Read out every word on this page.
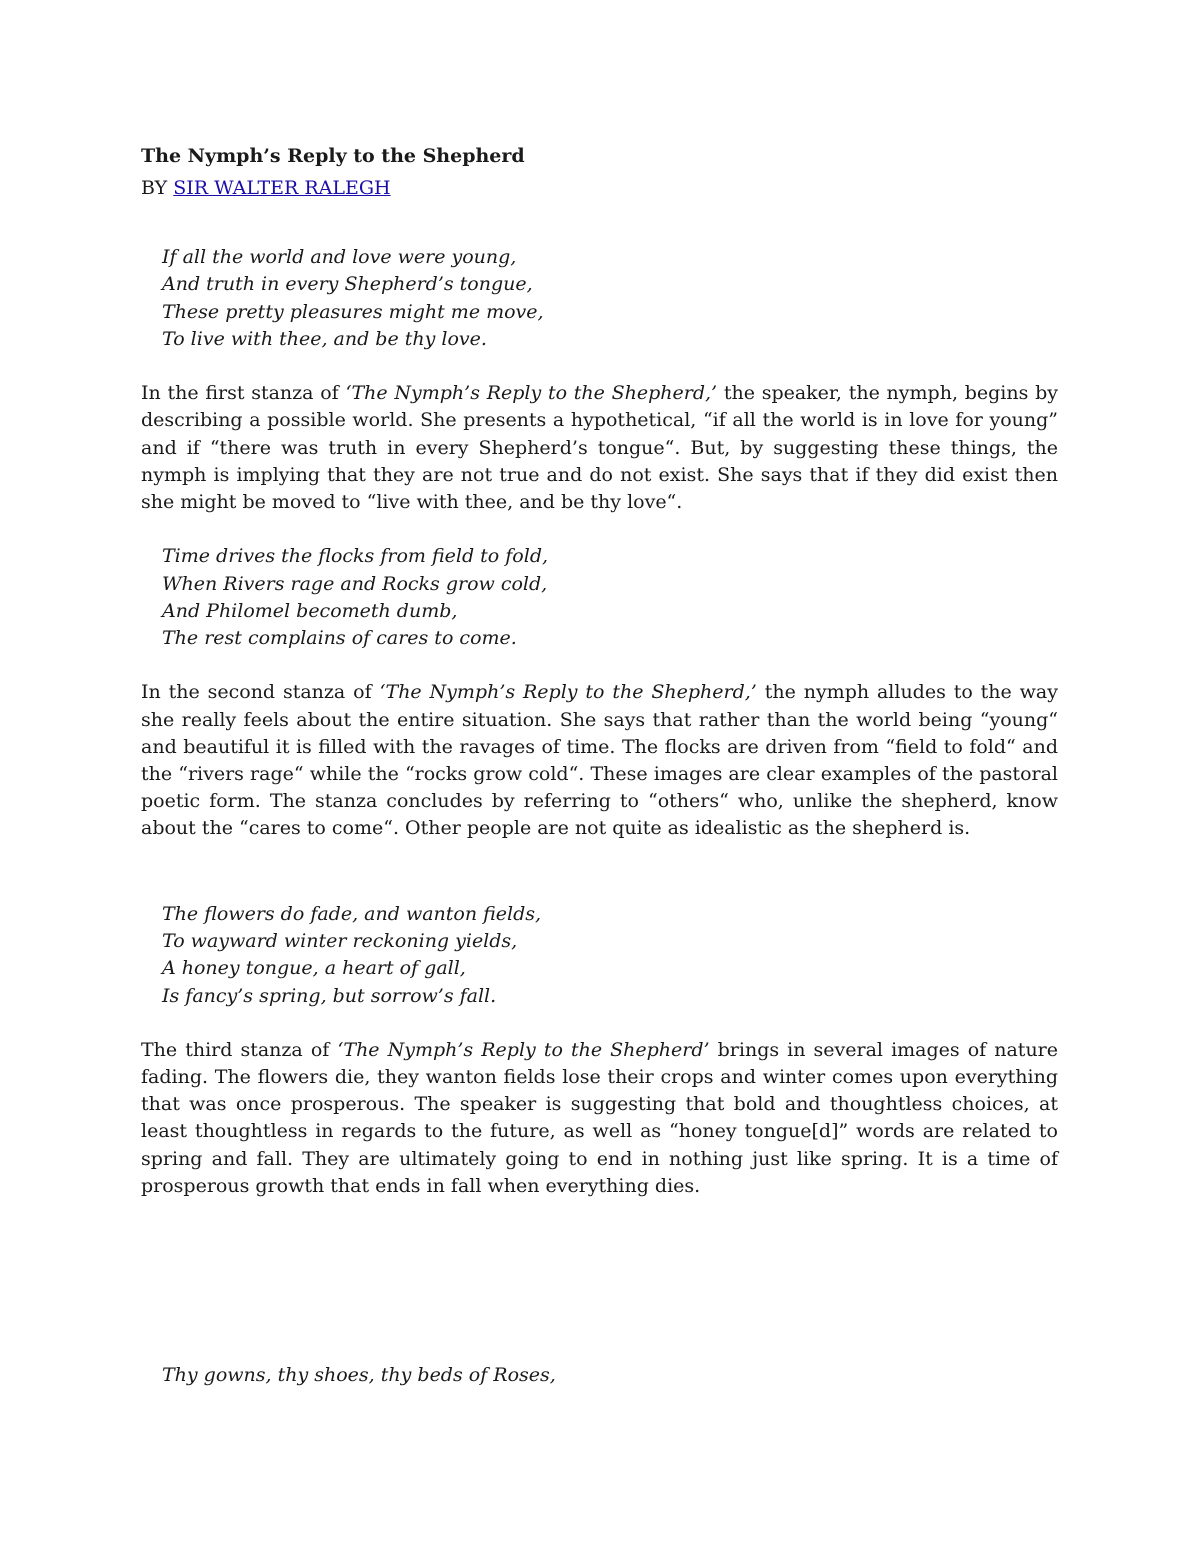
The Nymph’s Reply to the Shepherd

BY SIR WALTER RALEGH

If all the world and love were young,
And truth in every Shepherd’s tongue,
These pretty pleasures might me move,
To live with thee, and be thy love.

In the first stanza of ‘The Nymph’s Reply to the Shepherd,’ the speaker, the nymph, begins by describing a possible world. She presents a hypothetical, “if all the world is in love for young” and if “there was truth in every Shepherd’s tongue“. But, by suggesting these things, the nymph is implying that they are not true and do not exist. She says that if they did exist then she might be moved to “live with thee, and be thy love“.

Time drives the flocks from field to fold,
When Rivers rage and Rocks grow cold,
And Philomel becometh dumb,
The rest complains of cares to come.

In the second stanza of ‘The Nymph’s Reply to the Shepherd,’ the nymph alludes to the way she really feels about the entire situation. She says that rather than the world being “young“ and beautiful it is filled with the ravages of time. The flocks are driven from “field to fold“ and the “rivers rage“ while the “rocks grow cold“. These images are clear examples of the pastoral poetic form. The stanza concludes by referring to “others“ who, unlike the shepherd, know about the “cares to come“. Other people are not quite as idealistic as the shepherd is.

The flowers do fade, and wanton fields,
To wayward winter reckoning yields,
A honey tongue, a heart of gall,
Is fancy’s spring, but sorrow’s fall.

The third stanza of ‘The Nymph’s Reply to the Shepherd’ brings in several images of nature fading. The flowers die, they wanton fields lose their crops and winter comes upon everything that was once prosperous. The speaker is suggesting that bold and thoughtless choices, at least thoughtless in regards to the future, as well as “honey tongue[d]” words are related to spring and fall. They are ultimately going to end in nothing just like spring. It is a time of prosperous growth that ends in fall when everything dies.

Thy gowns, thy shoes, thy beds of Roses,
